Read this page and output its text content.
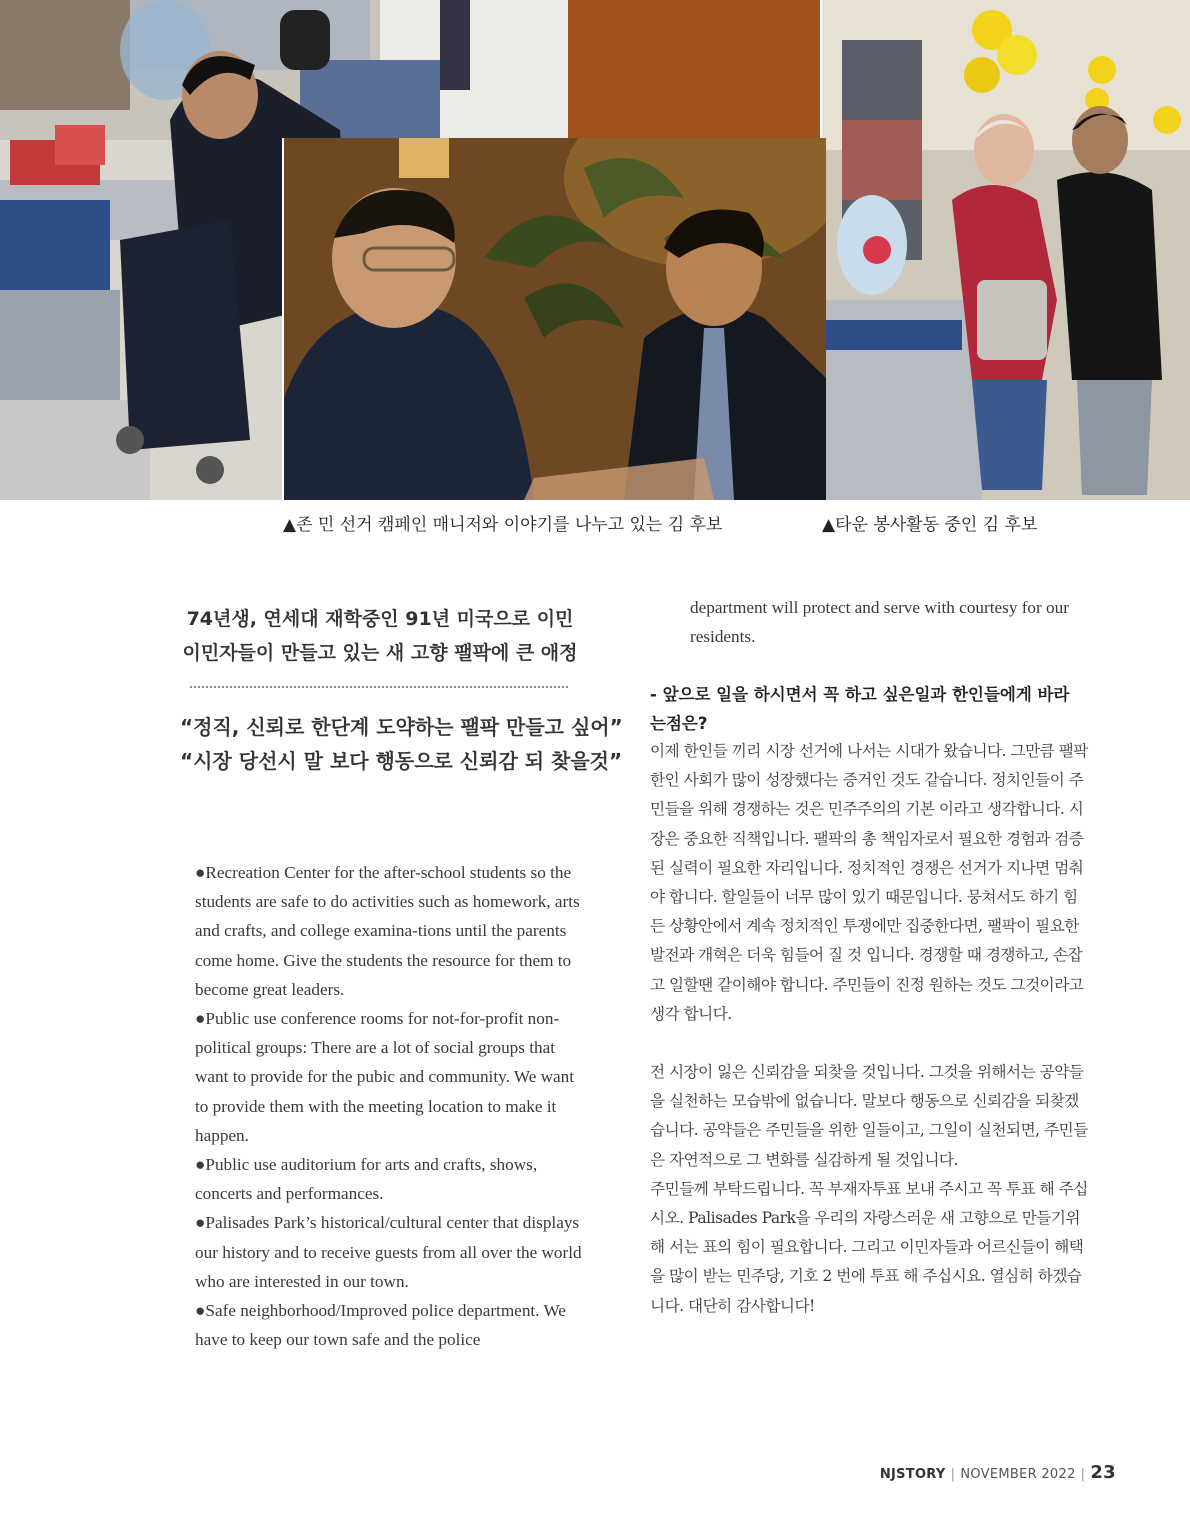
▲존 민 선거 캠페인 매니저와 이야기를 나누고 있는 김 후보	▲타운 봉사활동 중인 김 후보
74년생, 연세대 재학중인 91년 미국으로 이민
이민자들이 만들고 있는 새 고향 팰팍에 큰 애정
“정직, 신뢰로 한단계 도약하는 팰팍 만들고 싶어”
“시장 당선시 말 보다 행동으로 신뢰감 되 찾을것”

●Recreation Center for the after-school students so the students are safe to do activities such as homework, arts and crafts, and college examina-tions until the parents come home. Give the students the resource for them to become great leaders.

●Public use conference rooms for not-for-profit non-political groups: There are a lot of social groups that want to provide for the pubic and community. We want to provide them with the meeting location to make it happen.

●Public use auditorium for arts and crafts, shows, concerts and performances.

●Palisades Park’s historical/cultural center that displays our history and to receive guests from all over the world who are interested in our town.

●Safe neighborhood/Improved police department. We have to keep our town safe and the police

department will protect and serve with courtesy for our residents.

- 앞으로 일을 하시면서 꼭 하고 싶은일과 한인들에게 바라는점은?

이제 한인들 끼리 시장 선거에 나서는 시대가 왔습니다. 그만큼 팰팍 한인 사회가 많이 성장했다는 증거인 것도 같습니다. 정치인들이 주민들을 위해 경쟁하는 것은 민주주의의 기본 이라고 생각합니다. 시장은 중요한 직책입니다. 팰팍의 총 책임자로서 필요한 경험과 검증된 실력이 필요한 자리입니다. 정치적인 경쟁은 선거가 지나면 멈춰야 합니다. 할일들이 너무 많이 있기 때문입니다. 뭉쳐서도 하기 힘든 상황안에서 계속 정치적인 투쟁에만 집중한다면, 팰팍이 필요한 발전과 개혁은 더욱 힘들어 질 것 입니다. 경쟁할 때 경쟁하고, 손잡고 일할땐 같이해야 합니다. 주민들이 진정 원하는 것도 그것이라고 생각 합니다.

전 시장이 잃은 신뢰감을 되찾을 것입니다. 그것을 위해서는 공약들을 실천하는 모습밖에 없습니다. 말보다 행동으로 신뢰감을 되찾겠습니다. 공약들은 주민들을 위한 일들이고, 그일이 실천되면, 주민들은 자연적으로 그 변화를 실감하게 될 것입니다.

주민들께 부탁드립니다. 꼭 부재자투표 보내 주시고 꼭 투표 해 주십시오. Palisades Park을 우리의 자랑스러운 새 고향으로 만들기위해 서는 표의 힘이 필요합니다. 그리고 이민자들과 어르신들이 해택을 많이 받는 민주당, 기호 2 번에 투표 해 주십시요. 열심히 하겠습니다. 대단히 감사합니다!

NJSTORY | NOVEMBER 2022 | 23
